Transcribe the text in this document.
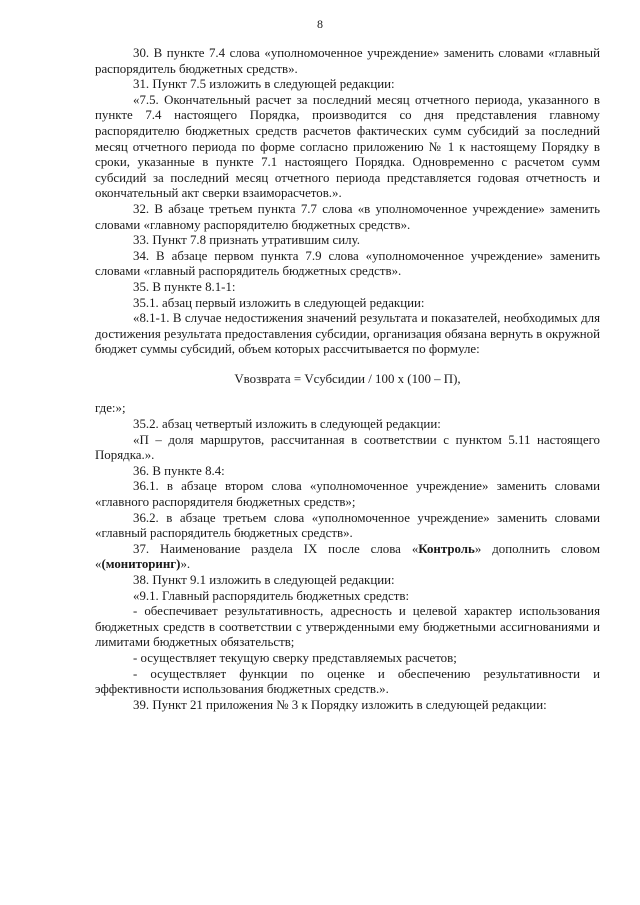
8

30. В пункте 7.4 слова «уполномоченное учреждение» заменить словами «главный распорядитель бюджетных средств».

31. Пункт 7.5 изложить в следующей редакции:

«7.5. Окончательный расчет за последний месяц отчетного периода, указанного в пункте 7.4 настоящего Порядка, производится со дня представления главному распорядителю бюджетных средств расчетов фактических сумм субсидий за последний месяц отчетного периода по форме согласно приложению № 1 к настоящему Порядку в сроки, указанные в пункте 7.1 настоящего Порядка. Одновременно с расчетом сумм субсидий за последний месяц отчетного периода представляется годовая отчетность и окончательный акт сверки взаиморасчетов.».

32. В абзаце третьем пункта 7.7 слова «в уполномоченное учреждение» заменить словами «главному распорядителю бюджетных средств».

33. Пункт 7.8 признать утратившим силу.

34. В абзаце первом пункта 7.9 слова «уполномоченное учреждение» заменить словами «главный распорядитель бюджетных средств».

35. В пункте 8.1-1:

35.1. абзац первый изложить в следующей редакции:

«8.1-1. В случае недостижения значений результата и показателей, необходимых для достижения результата предоставления субсидии, организация обязана вернуть в окружной бюджет суммы субсидий, объем которых рассчитывается по формуле:

Vвозврата = Vсубсидии / 100 x (100 – П),

где:»;

35.2. абзац четвертый изложить в следующей редакции:

«П – доля маршрутов, рассчитанная в соответствии с пунктом 5.11 настоящего Порядка.».

36. В пункте 8.4:

36.1. в абзаце втором слова «уполномоченное учреждение» заменить словами «главного распорядителя бюджетных средств»;

36.2. в абзаце третьем слова «уполномоченное учреждение» заменить словами «главный распорядитель бюджетных средств».

37. Наименование раздела IX после слова «Контроль» дополнить словом «(мониторинг)».

38. Пункт 9.1 изложить в следующей редакции:

«9.1. Главный распорядитель бюджетных средств:

- обеспечивает результативность, адресность и целевой характер использования бюджетных средств в соответствии с утвержденными ему бюджетными ассигнованиями и лимитами бюджетных обязательств;

- осуществляет текущую сверку представляемых расчетов;

- осуществляет функции по оценке и обеспечению результативности и эффективности использования бюджетных средств.».

39. Пункт 21 приложения № 3 к Порядку изложить в следующей редакции:
